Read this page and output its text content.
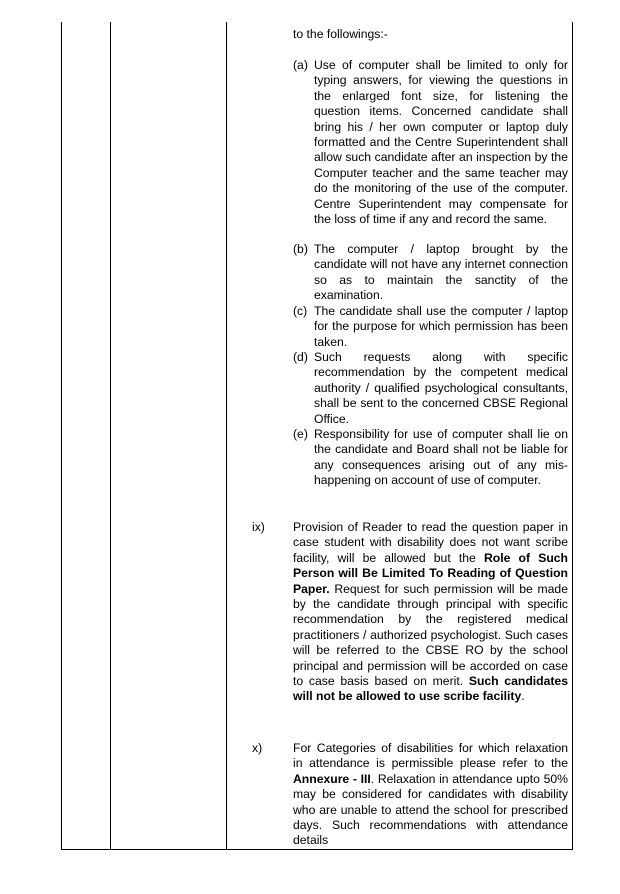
to the followings:-
(a) Use of computer shall be limited to only for typing answers, for viewing the questions in the enlarged font size, for listening the question items. Concerned candidate shall bring his / her own computer or laptop duly formatted and the Centre Superintendent shall allow such candidate after an inspection by the Computer teacher and the same teacher may do the monitoring of the use of the computer. Centre Superintendent may compensate for the loss of time if any and record the same.
(b) The computer / laptop brought by the candidate will not have any internet connection so as to maintain the sanctity of the examination.
(c) The candidate shall use the computer / laptop for the purpose for which permission has been taken.
(d) Such requests along with specific recommendation by the competent medical authority / qualified psychological consultants, shall be sent to the concerned CBSE Regional Office.
(e) Responsibility for use of computer shall lie on the candidate and Board shall not be liable for any consequences arising out of any mis-happening on account of use of computer.
ix) Provision of Reader to read the question paper in case student with disability does not want scribe facility, will be allowed but the Role of Such Person will Be Limited To Reading of Question Paper. Request for such permission will be made by the candidate through principal with specific recommendation by the registered medical practitioners / authorized psychologist. Such cases will be referred to the CBSE RO by the school principal and permission will be accorded on case to case basis based on merit. Such candidates will not be allowed to use scribe facility.
x)	For Categories of disabilities for which relaxation in attendance is permissible please refer to the Annexure - III. Relaxation in attendance upto 50% may be considered for candidates with disability who are unable to attend the school for prescribed days. Such recommendations with attendance details
